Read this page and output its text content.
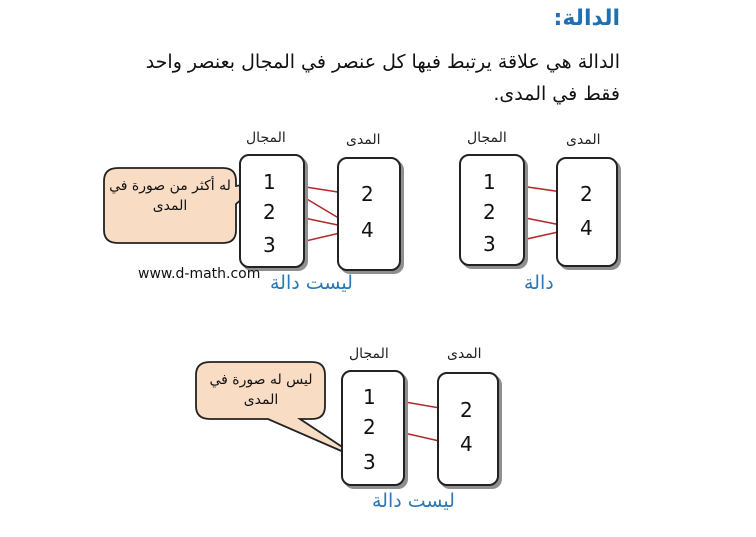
الدالة:
الدالة هي علاقة يرتبط فيها كل عنصر في المجال بعنصر واحد فقط في المدى.
المجال	المدى
1
2
3
2
4
دالة
المجال	المدى
1
2
3
2
4
له أكثر من صورة في المدى
ليست دالة
www.d-math.com
المجال	المدى
1
2
3
2
4
ليس له صورة في المدى
ليست دالة
